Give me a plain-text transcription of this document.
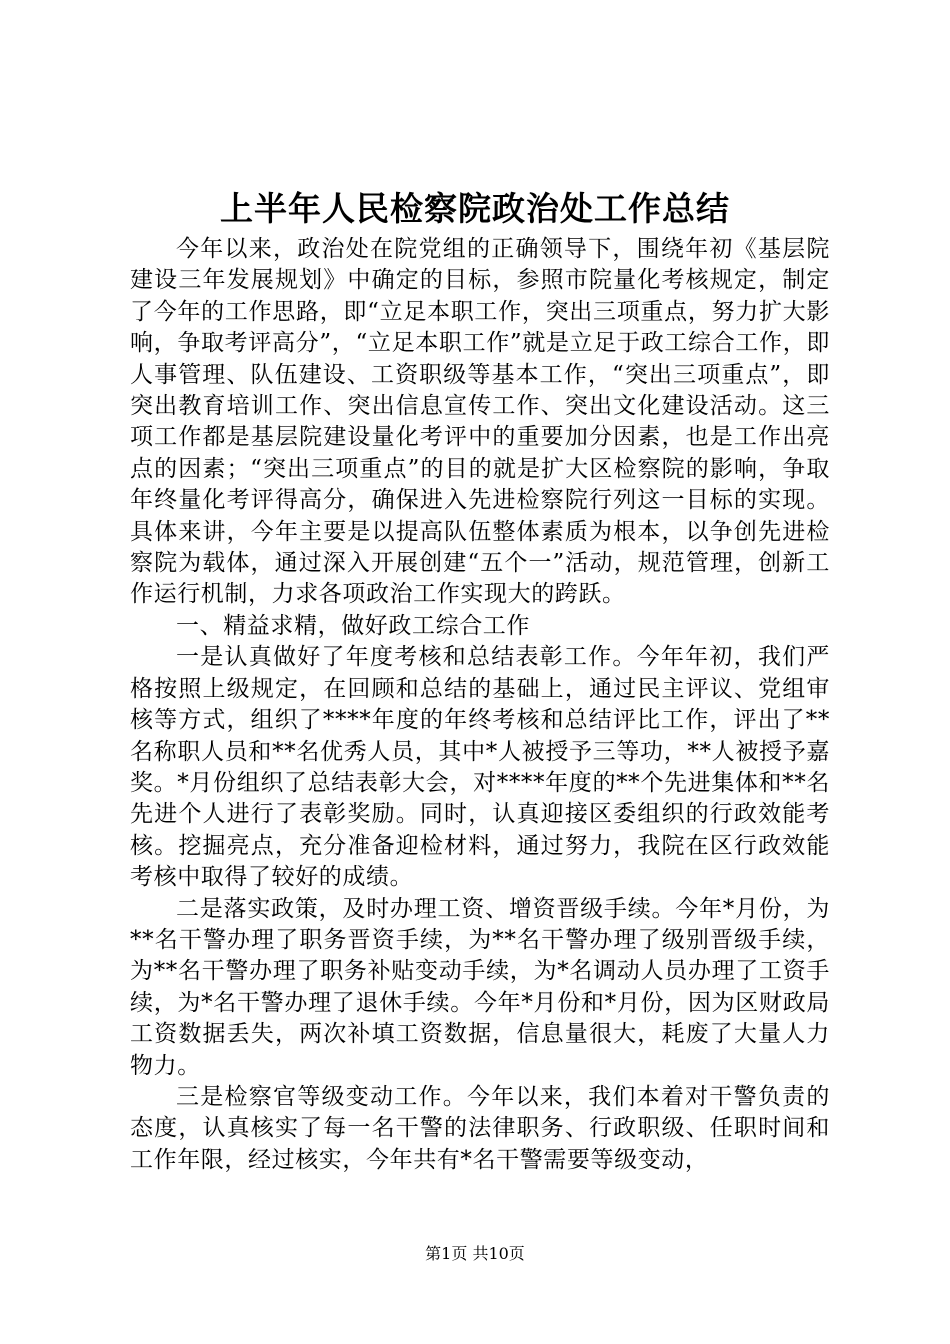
上半年人民检察院政治处工作总结

今年以来，政治处在院党组的正确领导下，围绕年初《基层院建设三年发展规划》中确定的目标，参照市院量化考核规定，制定了今年的工作思路，即“立足本职工作，突出三项重点，努力扩大影响，争取考评高分”，“立足本职工作”就是立足于政工综合工作，即人事管理、队伍建设、工资职级等基本工作，“突出三项重点”，即突出教育培训工作、突出信息宣传工作、突出文化建设活动。这三项工作都是基层院建设量化考评中的重要加分因素，也是工作出亮点的因素；“突出三项重点”的目的就是扩大区检察院的影响，争取年终量化考评得高分，确保进入先进检察院行列这一目标的实现。具体来讲，今年主要是以提高队伍整体素质为根本，以争创先进检察院为载体，通过深入开展创建“五个一”活动，规范管理，创新工作运行机制，力求各项政治工作实现大的跨跃。

一、精益求精，做好政工综合工作

一是认真做好了年度考核和总结表彰工作。今年年初，我们严格按照上级规定，在回顾和总结的基础上，通过民主评议、党组审核等方式，组织了****年度的年终考核和总结评比工作，评出了**名称职人员和**名优秀人员，其中*人被授予三等功，**人被授予嘉奖。*月份组织了总结表彰大会，对****年度的**个先进集体和**名先进个人进行了表彰奖励。同时，认真迎接区委组织的行政效能考核。挖掘亮点，充分准备迎检材料，通过努力，我院在区行政效能考核中取得了较好的成绩。

二是落实政策，及时办理工资、增资晋级手续。今年*月份，为**名干警办理了职务晋资手续，为**名干警办理了级别晋级手续，为**名干警办理了职务补贴变动手续，为*名调动人员办理了工资手续，为*名干警办理了退休手续。今年*月份和*月份，因为区财政局工资数据丢失，两次补填工资数据，信息量很大，耗废了大量人力物力。

三是检察官等级变动工作。今年以来，我们本着对干警负责的态度，认真核实了每一名干警的法律职务、行政职级、任职时间和工作年限，经过核实，今年共有*名干警需要等级变动，

第1页 共10页
